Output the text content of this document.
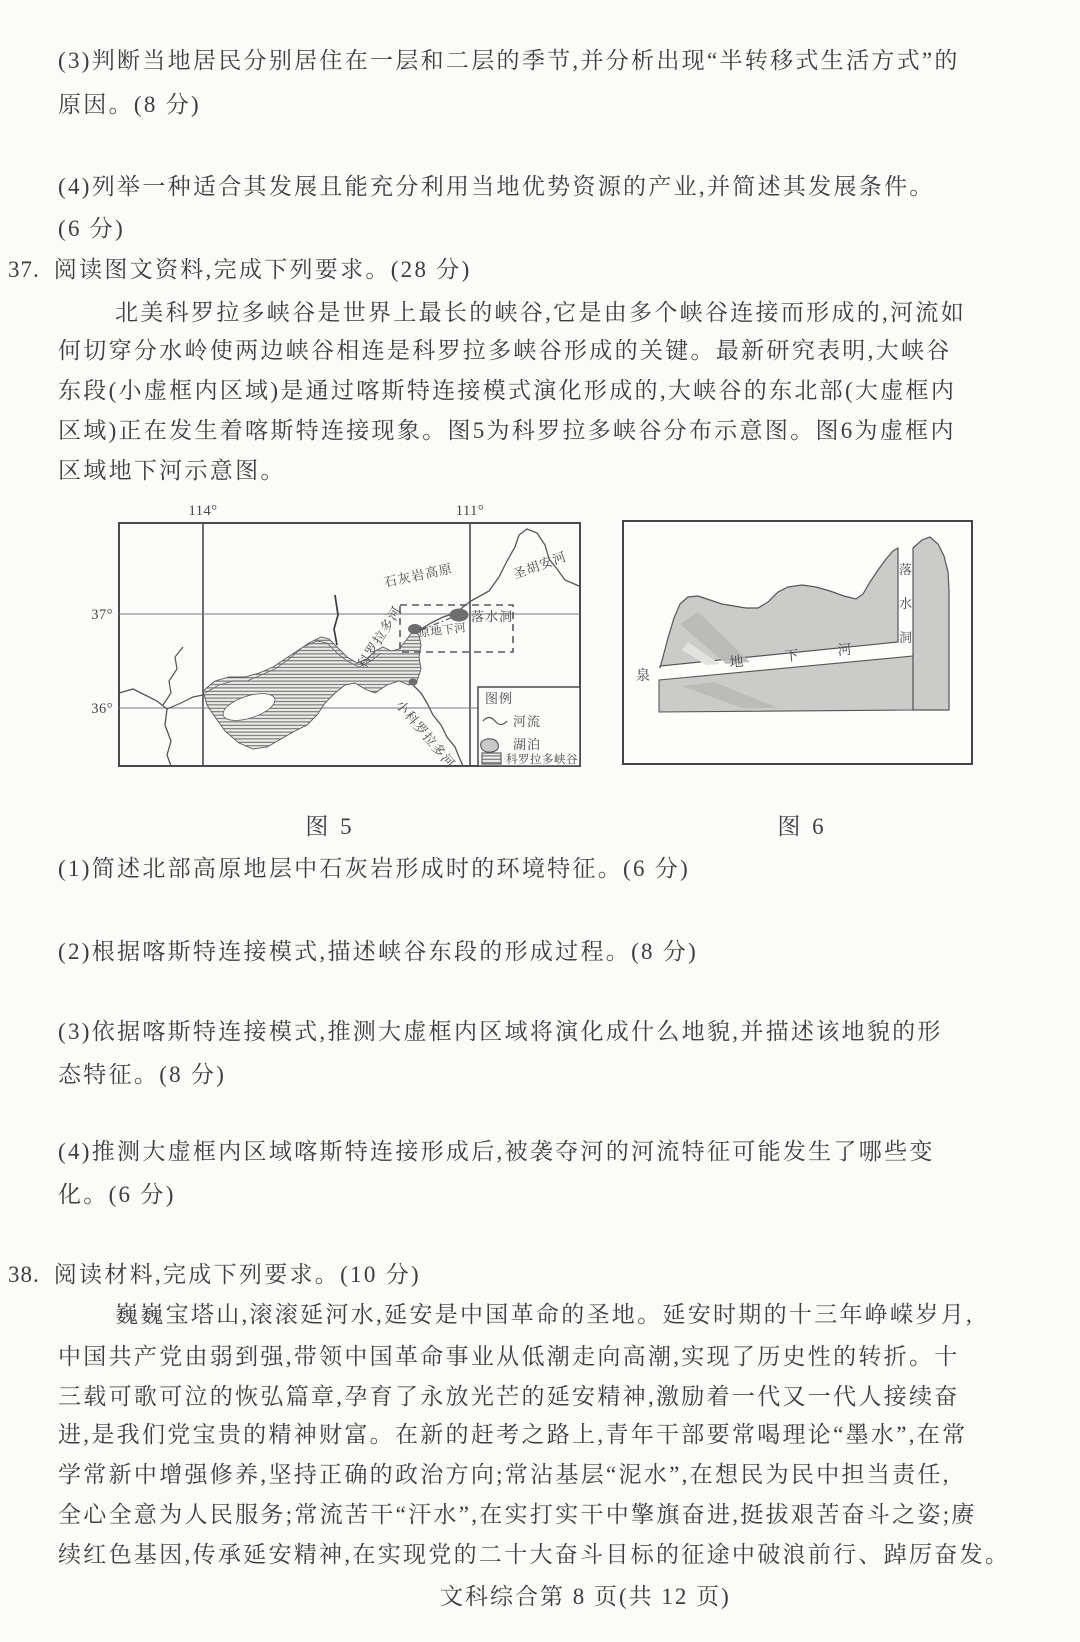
(3)判断当地居民分别居住在一层和二层的季节,并分析出现“半转移式生活方式”的
原因。(8 分)
(4)列举一种适合其发展且能充分利用当地优势资源的产业,并简述其发展条件。
(6 分)
37. 阅读图文资料,完成下列要求。(28 分)
北美科罗拉多峡谷是世界上最长的峡谷,它是由多个峡谷连接而形成的,河流如
何切穿分水岭使两边峡谷相连是科罗拉多峡谷形成的关键。最新研究表明,大峡谷
东段(小虚框内区域)是通过喀斯特连接模式演化形成的,大峡谷的东北部(大虚框内
区域)正在发生着喀斯特连接现象。图5为科罗拉多峡谷分布示意图。图6为虚框内
区域地下河示意图。
114°	111°
37°
36°
石灰岩高原	圣胡安河
落水洞
原地下河
科罗拉多河
小科罗拉多河 图例
河流
湖泊
科罗拉多峡谷
泉
地	下	河
落
水
洞
图 5	图 6
(1)简述北部高原地层中石灰岩形成时的环境特征。(6 分)
(2)根据喀斯特连接模式,描述峡谷东段的形成过程。(8 分)
(3)依据喀斯特连接模式,推测大虚框内区域将演化成什么地貌,并描述该地貌的形
态特征。(8 分)
(4)推测大虚框内区域喀斯特连接形成后,被袭夺河的河流特征可能发生了哪些变
化。(6 分)
38. 阅读材料,完成下列要求。(10 分)
巍巍宝塔山,滚滚延河水,延安是中国革命的圣地。延安时期的十三年峥嵘岁月,
中国共产党由弱到强,带领中国革命事业从低潮走向高潮,实现了历史性的转折。十
三载可歌可泣的恢弘篇章,孕育了永放光芒的延安精神,激励着一代又一代人接续奋
进,是我们党宝贵的精神财富。在新的赶考之路上,青年干部要常喝理论“墨水”,在常
学常新中增强修养,坚持正确的政治方向;常沾基层“泥水”,在想民为民中担当责任,
全心全意为人民服务;常流苦干“汗水”,在实打实干中擎旗奋进,挺拔艰苦奋斗之姿;赓
续红色基因,传承延安精神,在实现党的二十大奋斗目标的征途中破浪前行、踔厉奋发。
文科综合第 8 页(共 12 页)
